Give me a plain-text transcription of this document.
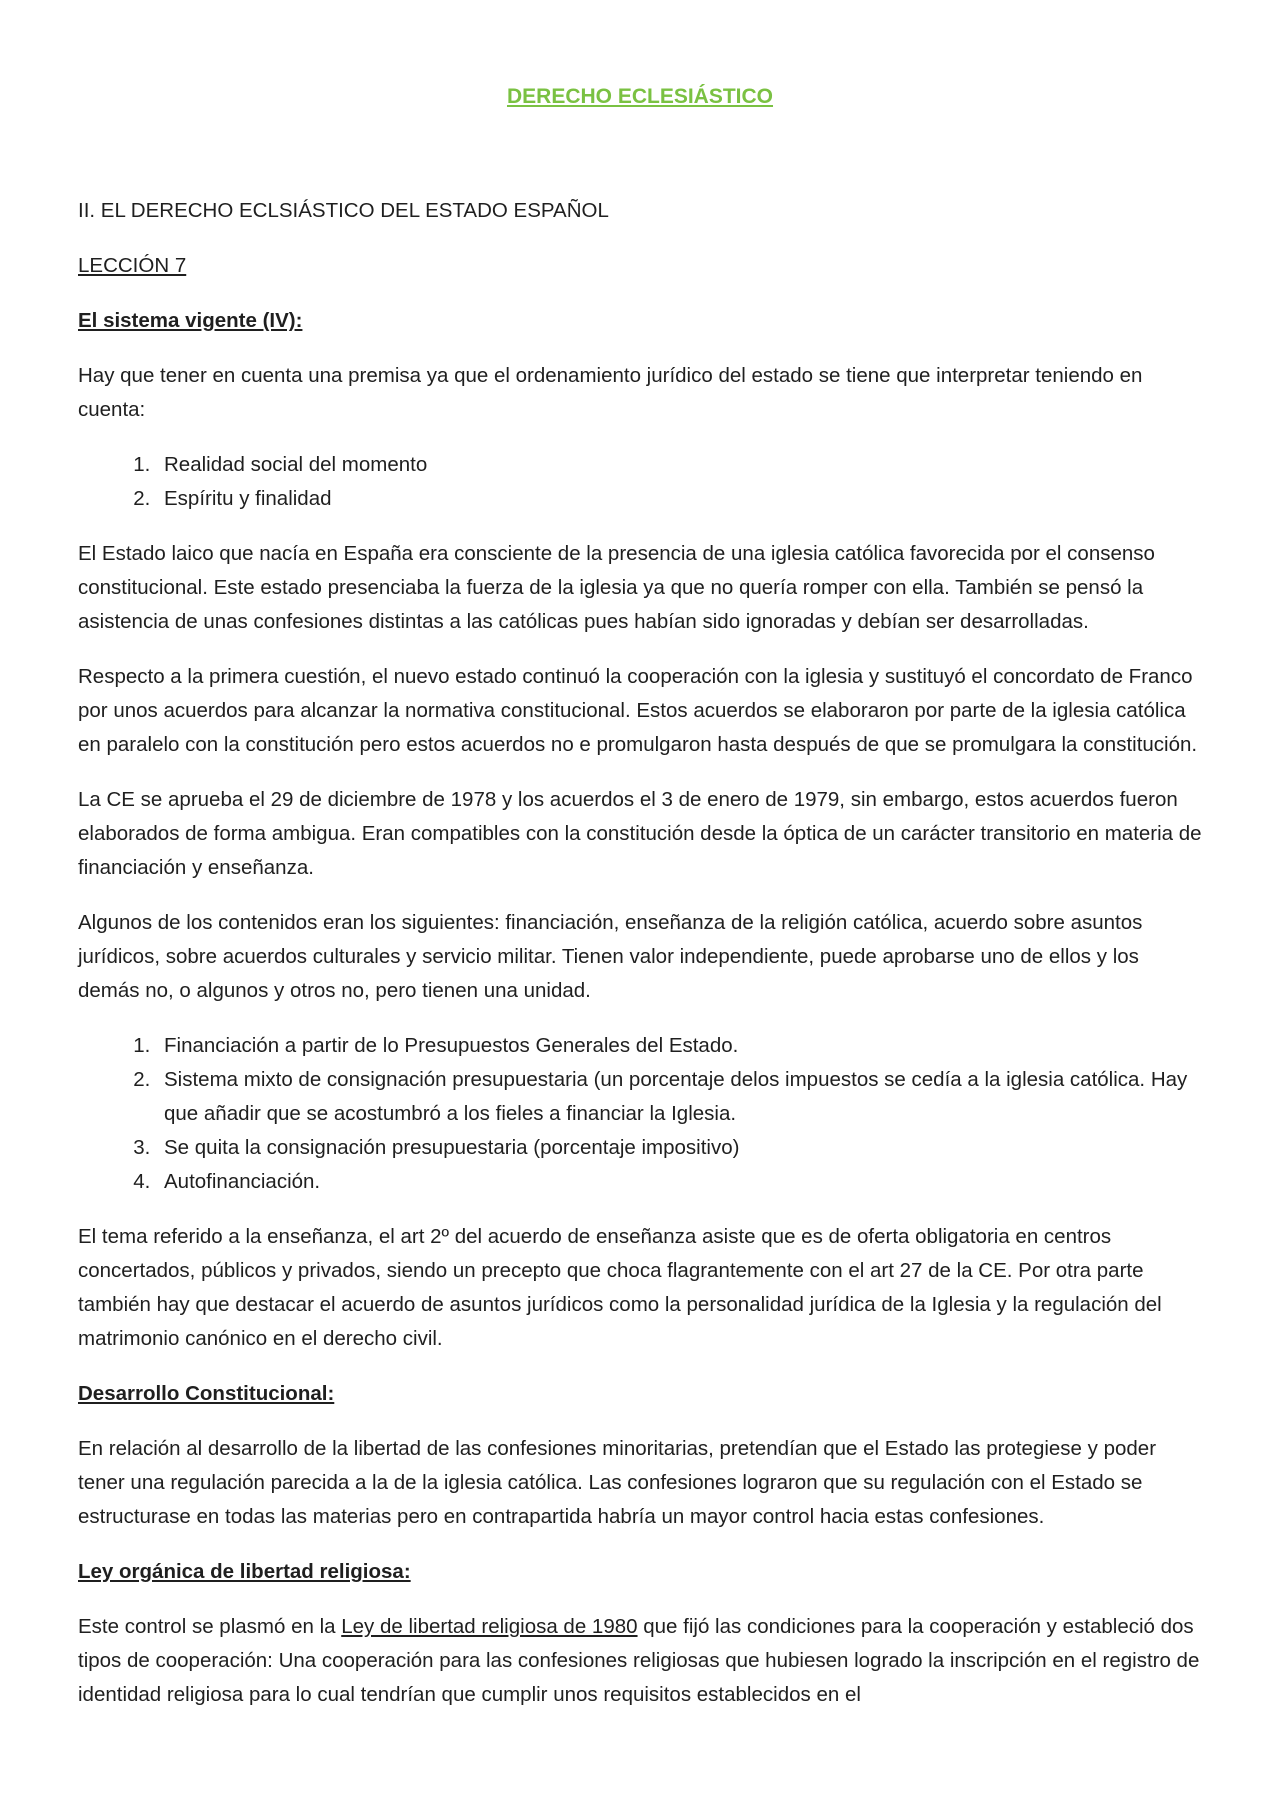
DERECHO ECLESIÁSTICO

II. EL DERECHO ECLSIÁSTICO DEL ESTADO ESPAÑOL

LECCIÓN 7

El sistema vigente (IV):

Hay que tener en cuenta una premisa ya que el ordenamiento jurídico del estado se tiene que interpretar teniendo en cuenta:

1. Realidad social del momento
2. Espíritu y finalidad

El Estado laico que nacía en España era consciente de la presencia de una iglesia católica favorecida por el consenso constitucional. Este estado presenciaba la fuerza de la iglesia ya que no quería romper con ella. También se pensó la asistencia de unas confesiones distintas a las católicas pues habían sido ignoradas y debían ser desarrolladas.

Respecto a la primera cuestión, el nuevo estado continuó la cooperación con la iglesia y sustituyó el concordato de Franco por unos acuerdos para alcanzar la normativa constitucional. Estos acuerdos se elaboraron por parte de la iglesia católica en paralelo con la constitución pero estos acuerdos no e promulgaron hasta después de que se promulgara la constitución.

La CE se aprueba el 29 de diciembre de 1978 y los acuerdos el 3 de enero de 1979, sin embargo, estos acuerdos fueron elaborados de forma ambigua. Eran compatibles con la constitución desde la óptica de un carácter transitorio en materia de financiación y enseñanza.

Algunos de los contenidos eran los siguientes: financiación, enseñanza de la religión católica, acuerdo sobre asuntos jurídicos, sobre acuerdos culturales y servicio militar. Tienen valor independiente, puede aprobarse uno de ellos y los demás no, o algunos y otros no, pero tienen una unidad.

1. Financiación a partir de lo Presupuestos Generales del Estado.
2. Sistema mixto de consignación presupuestaria (un porcentaje delos impuestos se cedía a la iglesia católica. Hay que añadir que se acostumbró a los fieles a financiar la Iglesia.
3. Se quita la consignación presupuestaria (porcentaje impositivo)
4. Autofinanciación.

El tema referido a la enseñanza, el art 2º del acuerdo de enseñanza asiste que es de oferta obligatoria en centros concertados, públicos y privados, siendo un precepto que choca flagrantemente con el art 27 de la CE. Por otra parte también hay que destacar el acuerdo de asuntos jurídicos como la personalidad jurídica de la Iglesia y la regulación del matrimonio canónico en el derecho civil.

Desarrollo Constitucional:

En relación al desarrollo de la libertad de las confesiones minoritarias, pretendían que el Estado las protegiese y poder tener una regulación parecida a la de la iglesia católica. Las confesiones lograron que su regulación con el Estado se estructurase en todas las materias pero en contrapartida habría un mayor control hacia estas confesiones.

Ley orgánica de libertad religiosa:

Este control se plasmó en la Ley de libertad religiosa de 1980 que fijó las condiciones para la cooperación y estableció dos tipos de cooperación: Una cooperación para las confesiones religiosas que hubiesen logrado la inscripción en el registro de identidad religiosa para lo cual tendrían que cumplir unos requisitos establecidos en el
